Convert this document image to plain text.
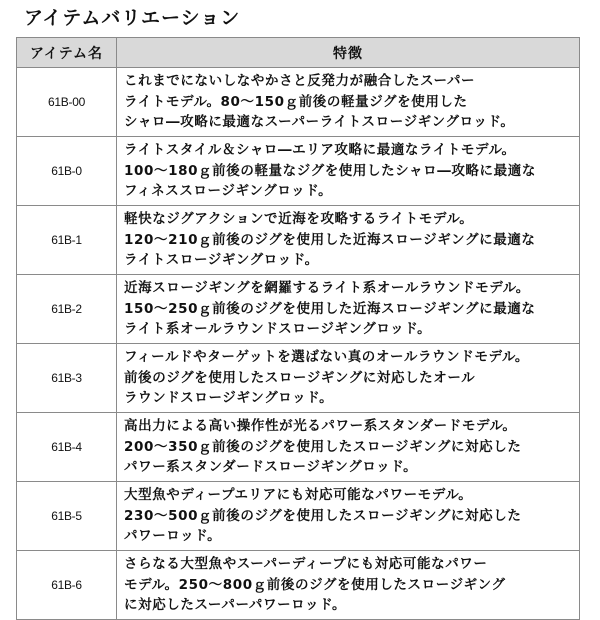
アイテムバリエーション
アイテム名	特徴
61B-00	これまでにないしなやかさと反発力が融合したスーパー
ライトモデル。80〜150ｇ前後の軽量ジグを使用した
シャロ―攻略に最適なスーパーライトスロージギングロッド。

61B-0	ライトスタイル＆シャロ―エリア攻略に最適なライトモデル。
100〜180ｇ前後の軽量なジグを使用したシャロ―攻略に最適な
フィネススロージギングロッド。

61B-1	軽快なジグアクションで近海を攻略するライトモデル。
120〜210ｇ前後のジグを使用した近海スロージギングに最適な
ライトスロージギングロッド。

61B-2	近海スロージギングを網羅するライト系オールラウンドモデル。
150〜250ｇ前後のジグを使用した近海スロージギングに最適な
ライト系オールラウンドスロージギングロッド。

61B-3	フィールドやターゲットを選ばない真のオールラウンドモデル。
前後のジグを使用したスロージギングに対応したオール
ラウンドスロージギングロッド。

61B-4	高出力による高い操作性が光るパワー系スタンダードモデル。
200〜350ｇ前後のジグを使用したスロージギングに対応した
パワー系スタンダードスロージギングロッド。

61B-5	大型魚やディープエリアにも対応可能なパワーモデル。
230〜500ｇ前後のジグを使用したスロージギングに対応した
パワーロッド。

61B-6	さらなる大型魚やスーパーディープにも対応可能なパワー
モデル。250〜800ｇ前後のジグを使用したスロージギング
に対応したスーパーパワーロッド。
